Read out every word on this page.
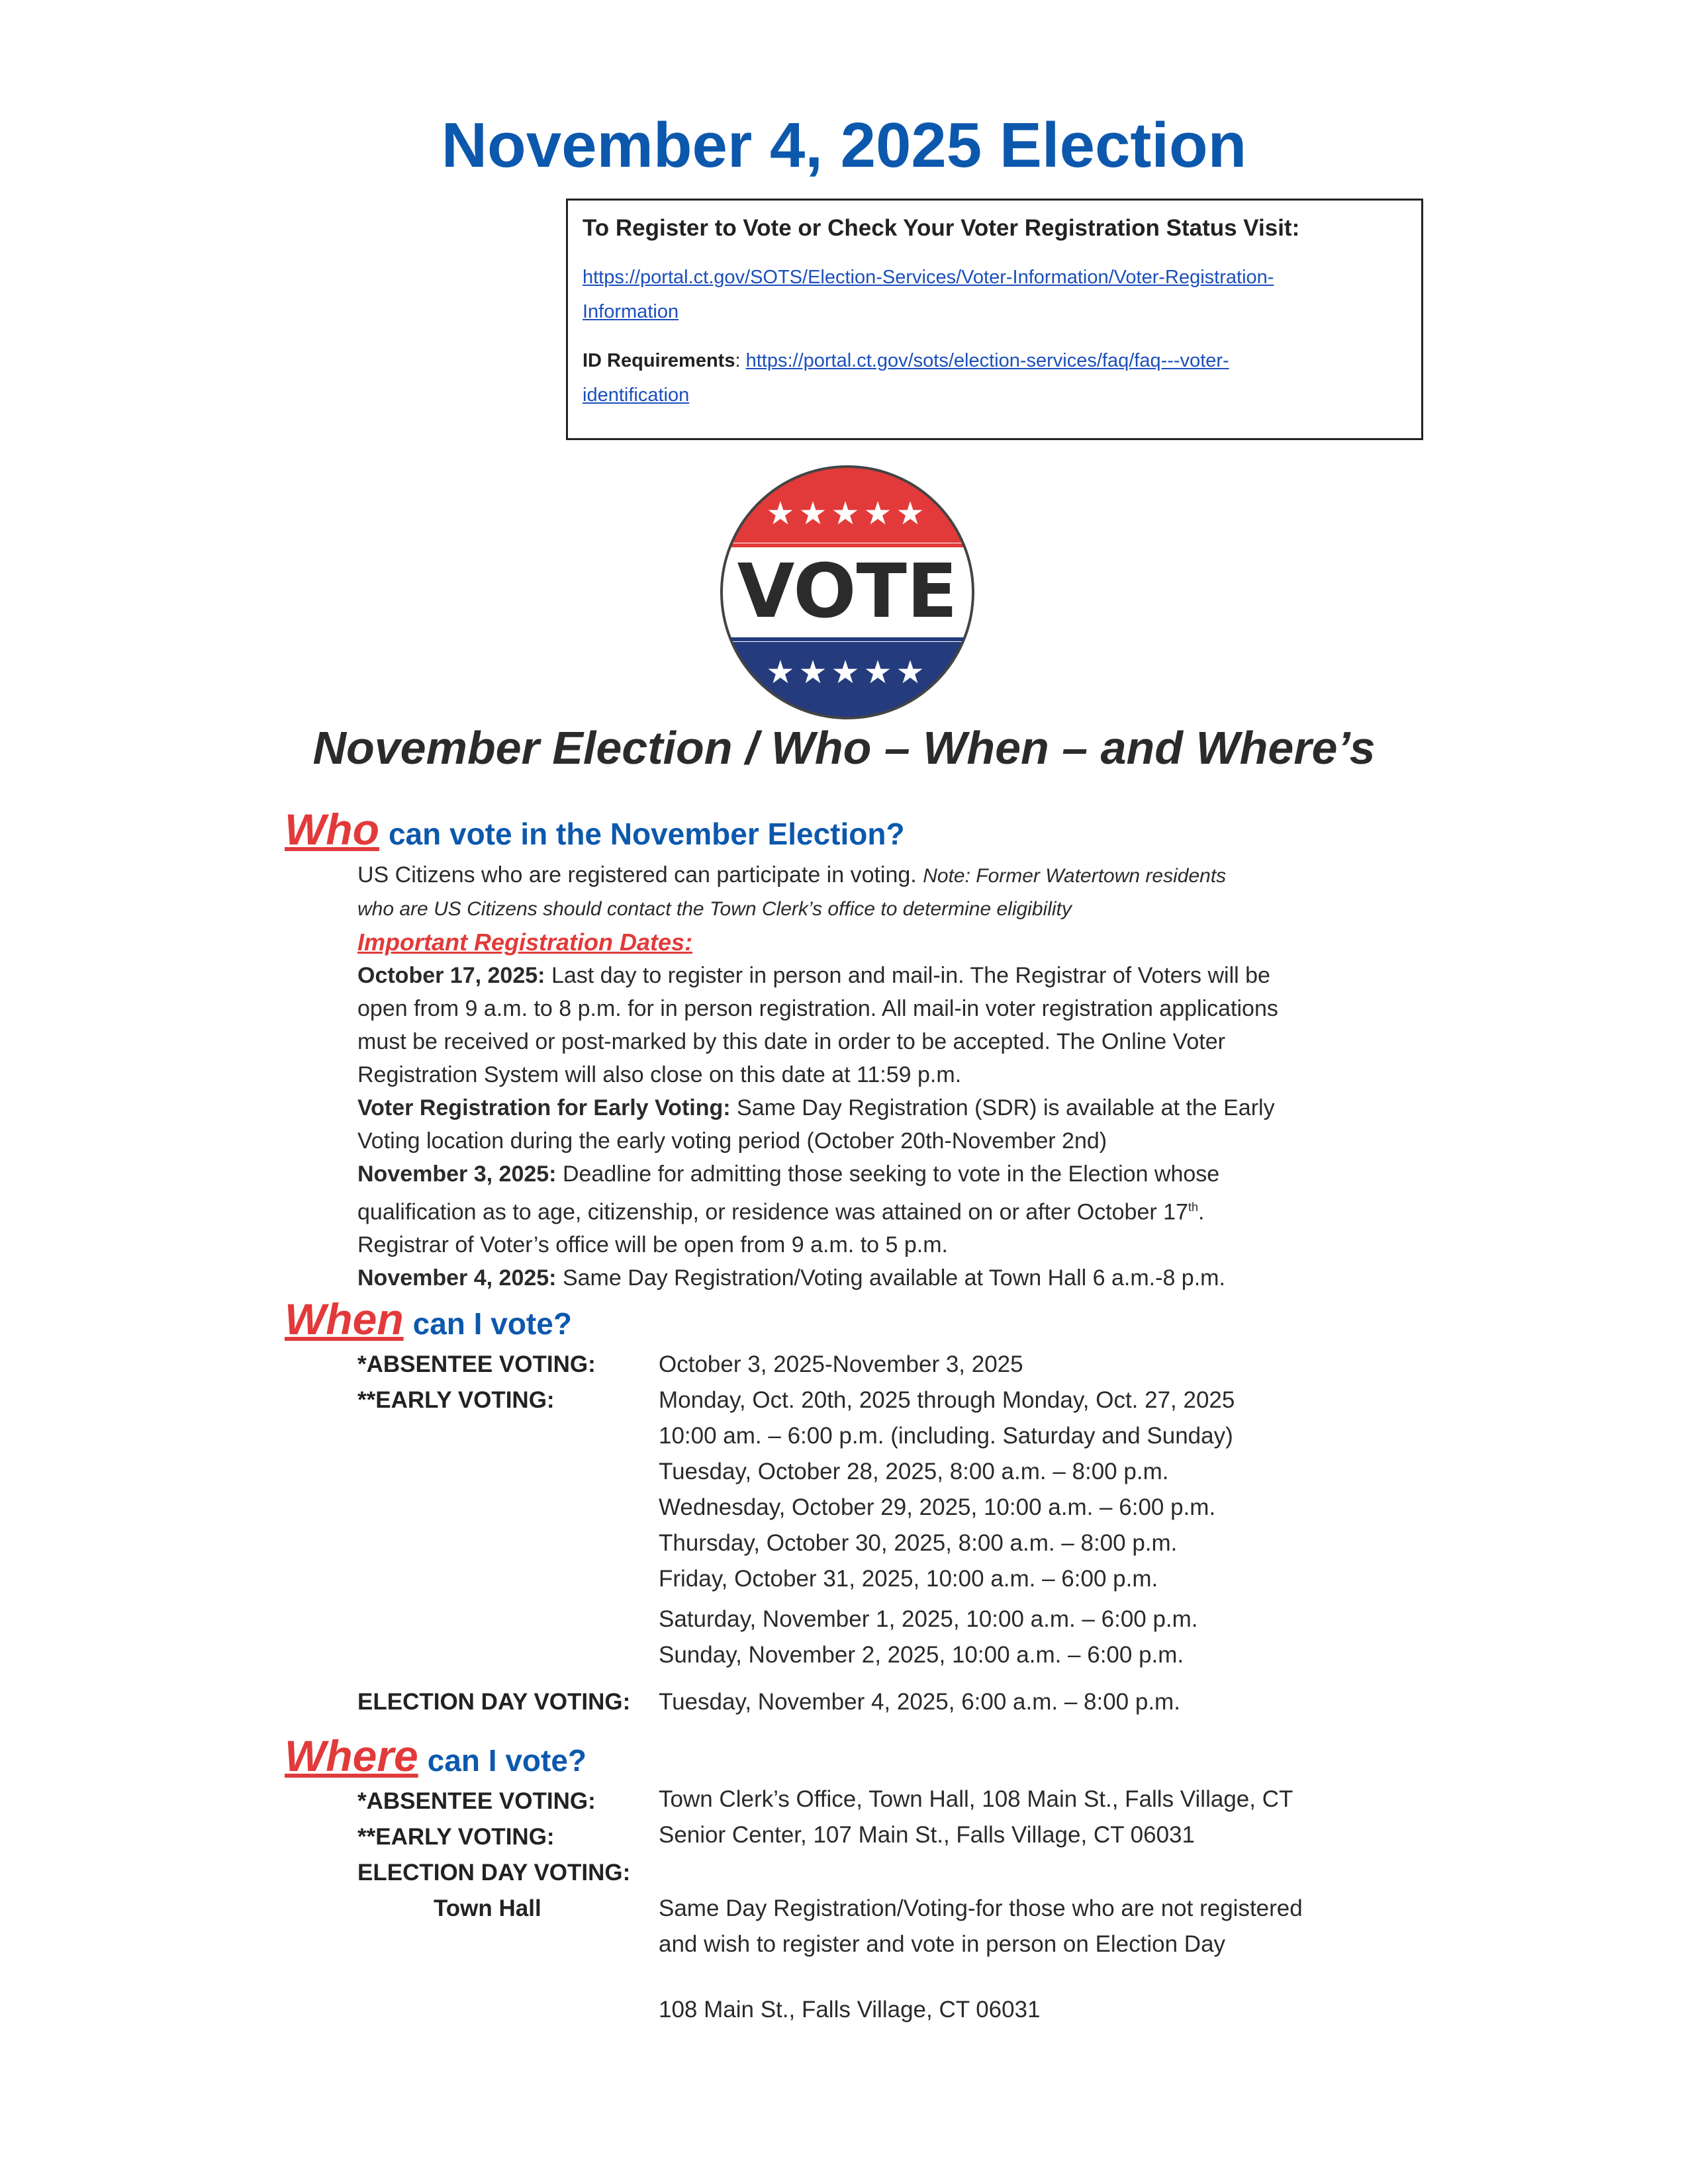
November 4, 2025 Election
To Register to Vote or Check Your Voter Registration Status Visit:
https://portal.ct.gov/SOTS/Election-Services/Voter-Information/Voter-Registration-
Information
ID Requirements: https://portal.ct.gov/sots/election-services/faq/faq---voter-
identification
★★★★★
VOTE
★★★★★
November Election / Who – When – and Where’s
Who can vote in the November Election?
US Citizens who are registered can participate in voting. Note: Former Watertown residents
who are US Citizens should contact the Town Clerk’s office to determine eligibility
Important Registration Dates:
October 17, 2025: Last day to register in person and mail-in. The Registrar of Voters will be
open from 9 a.m. to 8 p.m. for in person registration. All mail-in voter registration applications
must be received or post-marked by this date in order to be accepted. The Online Voter
Registration System will also close on this date at 11:59 p.m.
Voter Registration for Early Voting: Same Day Registration (SDR) is available at the Early
Voting location during the early voting period (October 20th-November 2nd)
November 3, 2025: Deadline for admitting those seeking to vote in the Election whose
qualification as to age, citizenship, or residence was attained on or after October 17th.
Registrar of Voter’s office will be open from 9 a.m. to 5 p.m.
November 4, 2025: Same Day Registration/Voting available at Town Hall 6 a.m.-8 p.m.
When can I vote?
*ABSENTEE VOTING:	October 3, 2025-November 3, 2025
**EARLY VOTING:	Monday, Oct. 20th, 2025 through Monday, Oct. 27, 2025
10:00 am. – 6:00 p.m. (including. Saturday and Sunday)
Tuesday, October 28, 2025, 8:00 a.m. – 8:00 p.m.
Wednesday, October 29, 2025, 10:00 a.m. – 6:00 p.m.
Thursday, October 30, 2025, 8:00 a.m. – 8:00 p.m.
Friday, October 31, 2025, 10:00 a.m. – 6:00 p.m.
Saturday, November 1, 2025, 10:00 a.m. – 6:00 p.m.
Sunday, November 2, 2025, 10:00 a.m. – 6:00 p.m.
ELECTION DAY VOTING: Tuesday, November 4, 2025, 6:00 a.m. – 8:00 p.m.
Where can I vote?
*ABSENTEE VOTING:	Town Clerk’s Office, Town Hall, 108 Main St., Falls Village, CT
**EARLY VOTING:	Senior Center, 107 Main St., Falls Village, CT 06031
ELECTION DAY VOTING:
Town Hall	Same Day Registration/Voting-for those who are not registered
and wish to register and vote in person on Election Day
108 Main St., Falls Village, CT 06031
